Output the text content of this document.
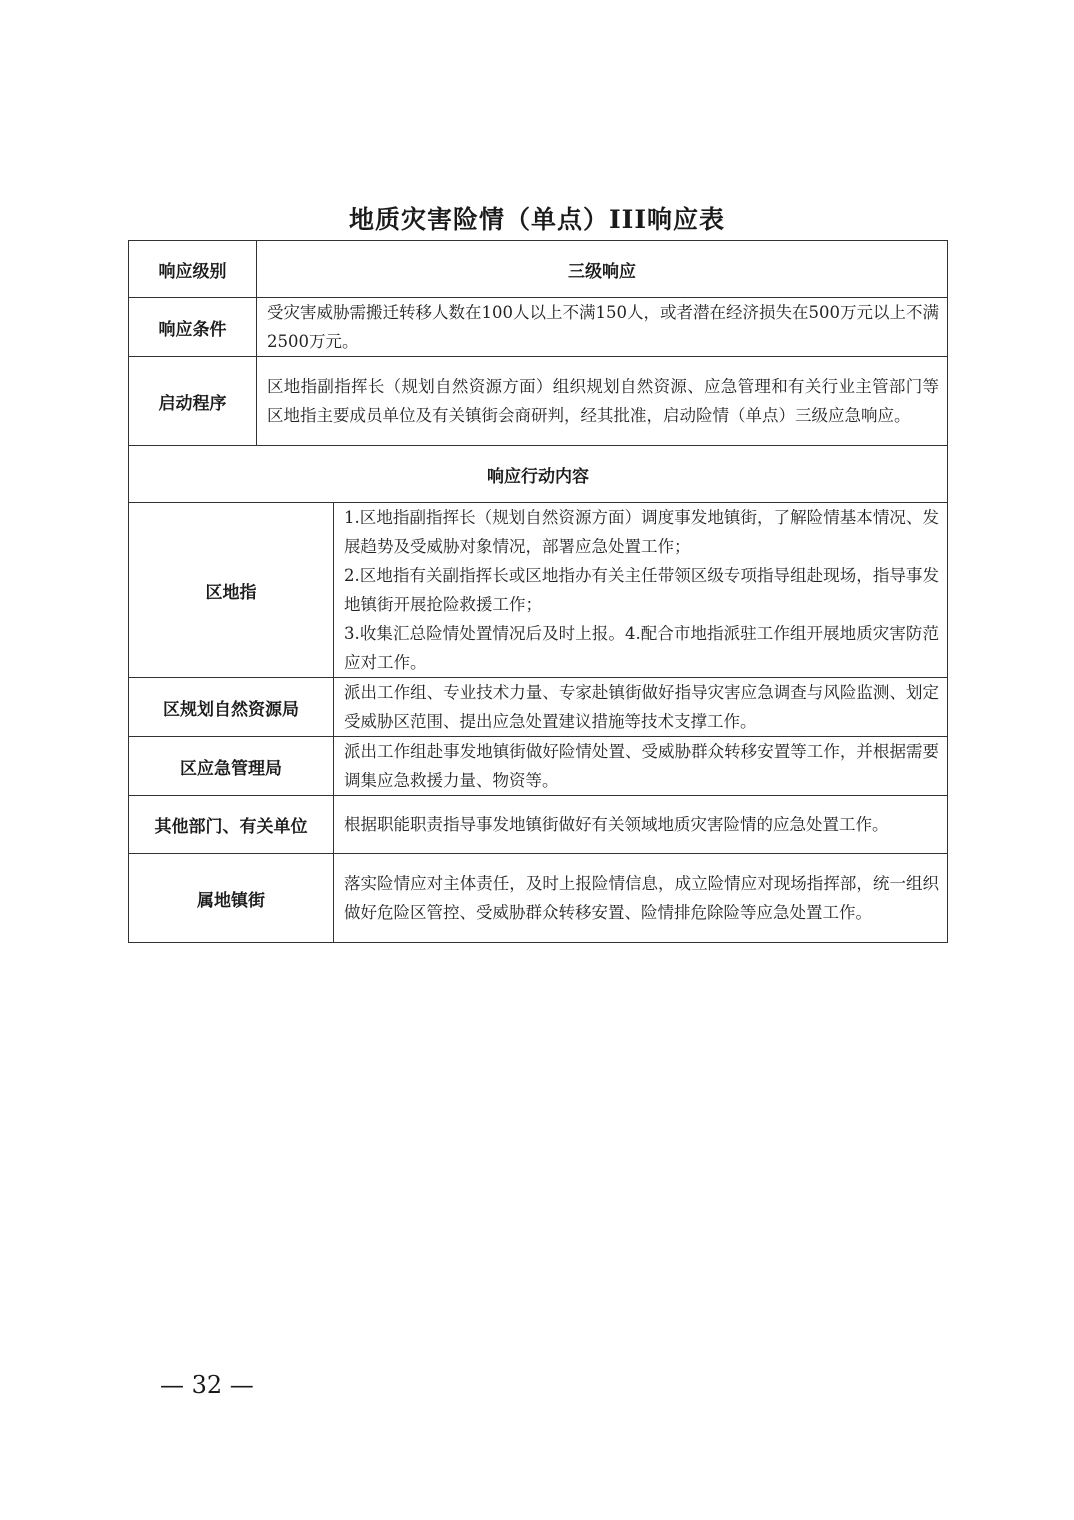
地质灾害险情（单点）III响应表
响应级别	三级响应	
响应条件	受灾害威胁需搬迁转移人数在100人以上不满150人，或者潜在经济损失在500万元以上不满2500万元。	
启动程序	区地指副指挥长（规划自然资源方面）组织规划自然资源、应急管理和有关行业主管部门等区地指主要成员单位及有关镇街会商研判，经其批准，启动险情（单点）三级应急响应。	
响应行动内容		
区地指		1.区地指副指挥长（规划自然资源方面）调度事发地镇街，了解险情基本情况、发展趋势及受威胁对象情况，部署应急处置工作；
2.区地指有关副指挥长或区地指办有关主任带领区级专项指导组赴现场，指导事发地镇街开展抢险救援工作；
3.收集汇总险情处置情况后及时上报。4.配合市地指派驻工作组开展地质灾害防范应对工作。

区规划自然资源局		派出工作组、专业技术力量、专家赴镇街做好指导灾害应急调查与风险监测、划定受威胁区范围、提出应急处置建议措施等技术支撑工作。

区应急管理局		派出工作组赴事发地镇街做好险情处置、受威胁群众转移安置等工作，并根据需要调集应急救援力量、物资等。

其他部门、有关单位		根据职能职责指导事发地镇街做好有关领域地质灾害险情的应急处置工作。

属地镇街		落实险情应对主体责任，及时上报险情信息，成立险情应对现场指挥部，统一组织做好危险区管控、受威胁群众转移安置、险情排危除险等应急处置工作。
— 32 —
